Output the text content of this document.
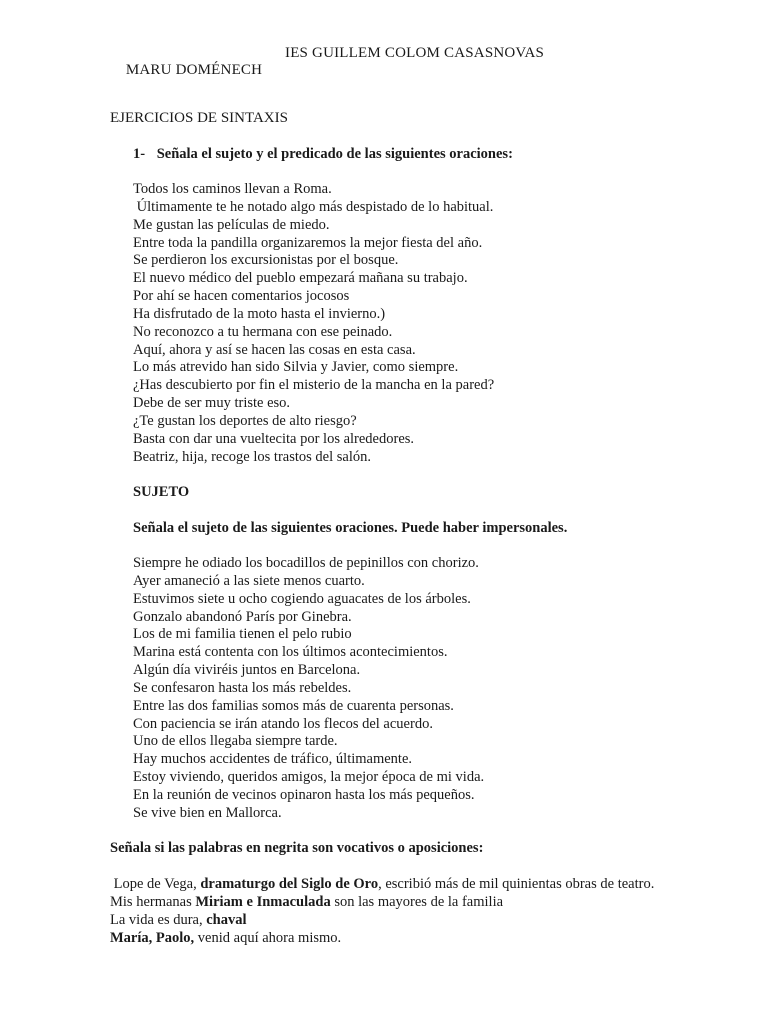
MARU DOMÉNECH

IES GUILLEM COLOM CASASNOVAS

EJERCICIOS DE SINTAXIS
1- Señala el sujeto y el predicado de las siguientes oraciones:
Todos los caminos llevan a Roma.
Últimamente te he notado algo más despistado de lo habitual.
Me gustan las películas de miedo.
Entre toda la pandilla organizaremos la mejor fiesta del año.
Se perdieron los excursionistas por el bosque.
El nuevo médico del pueblo empezará mañana su trabajo.
Por ahí se hacen comentarios jocosos
Ha disfrutado de la moto hasta el invierno.)
No reconozco a tu hermana con ese peinado.
Aquí, ahora y así se hacen las cosas en esta casa.
Lo más atrevido han sido Silvia y Javier, como siempre.
¿Has descubierto por fin el misterio de la mancha en la pared?
Debe de ser muy triste eso.
¿Te gustan los deportes de alto riesgo?
Basta con dar una vueltecita por los alrededores.
Beatriz, hija, recoge los trastos del salón.
SUJETO
Señala el sujeto de las siguientes oraciones. Puede haber impersonales.
Siempre he odiado los bocadillos de pepinillos con chorizo.
Ayer amaneció a las siete menos cuarto.
Estuvimos siete u ocho cogiendo aguacates de los árboles.
Gonzalo abandonó París por Ginebra.
Los de mi familia tienen el pelo rubio
Marina está contenta con los últimos acontecimientos.
Algún día viviréis juntos en Barcelona.
Se confesaron hasta los más rebeldes.
Entre las dos familias somos más de cuarenta personas.
Con paciencia se irán atando los flecos del acuerdo.
Uno de ellos llegaba siempre tarde.
Hay muchos accidentes de tráfico, últimamente.
Estoy viviendo, queridos amigos, la mejor época de mi vida.
En la reunión de vecinos opinaron hasta los más pequeños.
Se vive bien en Mallorca.
Señala si las palabras en negrita son vocativos o aposiciones:

Lope de Vega, dramaturgo del Siglo de Oro, escribió más de mil quinientas obras de teatro.

Mis hermanas Miriam e Inmaculada son las mayores de la familia

La vida es dura, chaval

María, Paolo, venid aquí ahora mismo.
